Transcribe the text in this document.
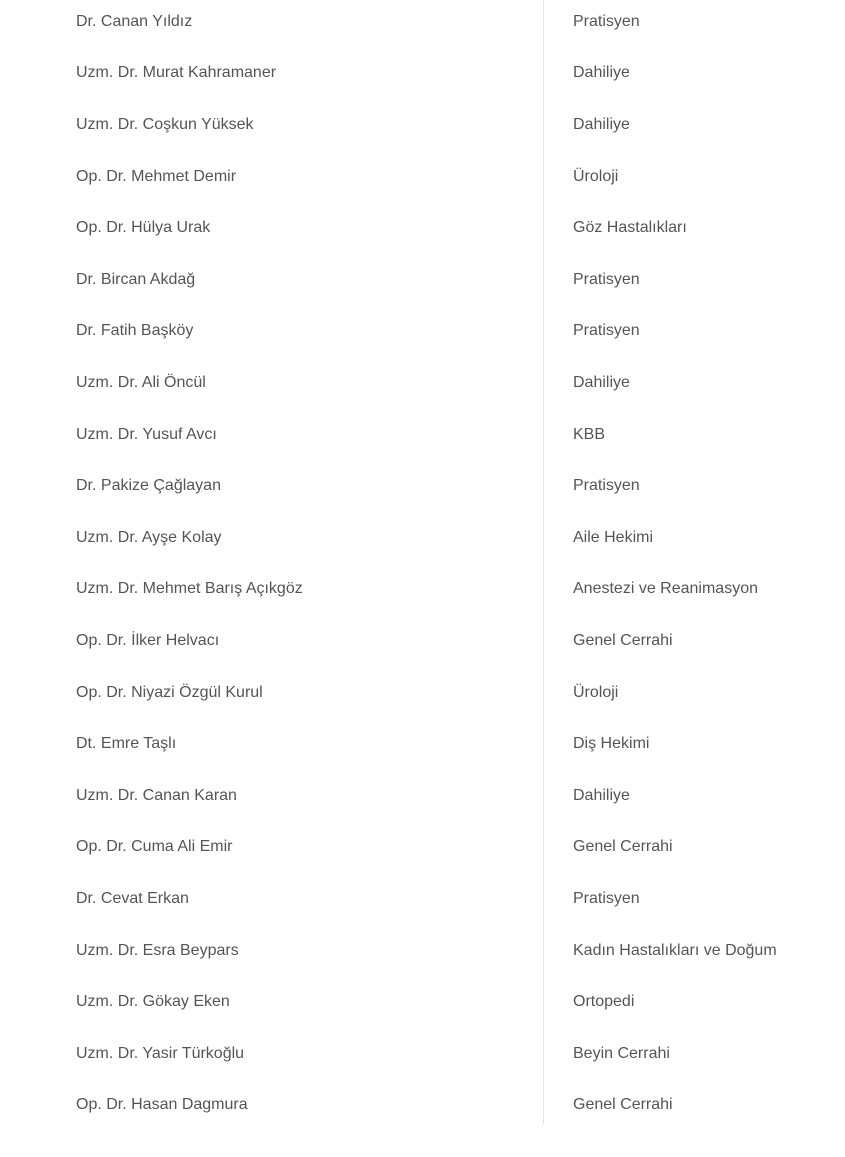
Dr. Canan Yıldız	Pratisyen
Uzm. Dr. Murat Kahramaner	Dahiliye
Uzm. Dr. Coşkun Yüksek	Dahiliye
Op. Dr. Mehmet Demir	Üroloji
Op. Dr. Hülya Urak	Göz Hastalıkları
Dr. Bircan Akdağ	Pratisyen
Dr. Fatih Başköy	Pratisyen
Uzm. Dr. Ali Öncül	Dahiliye
Uzm. Dr. Yusuf Avcı	KBB
Dr. Pakize Çağlayan	Pratisyen
Uzm. Dr. Ayşe Kolay	Aile Hekimi
Uzm. Dr. Mehmet Barış Açıkgöz	Anestezi ve Reanimasyon
Op. Dr. İlker Helvacı	Genel Cerrahi
Op. Dr. Niyazi Özgül Kurul	Üroloji
Dt. Emre Taşlı	Diş Hekimi
Uzm. Dr. Canan Karan	Dahiliye
Op. Dr. Cuma Ali Emir	Genel Cerrahi
Dr. Cevat Erkan	Pratisyen
Uzm. Dr. Esra Beypars	Kadın Hastalıkları ve Doğum
Uzm. Dr. Gökay Eken	Ortopedi
Uzm. Dr. Yasir Türkoğlu	Beyin Cerrahi
Op. Dr. Hasan Dagmura	Genel Cerrahi
